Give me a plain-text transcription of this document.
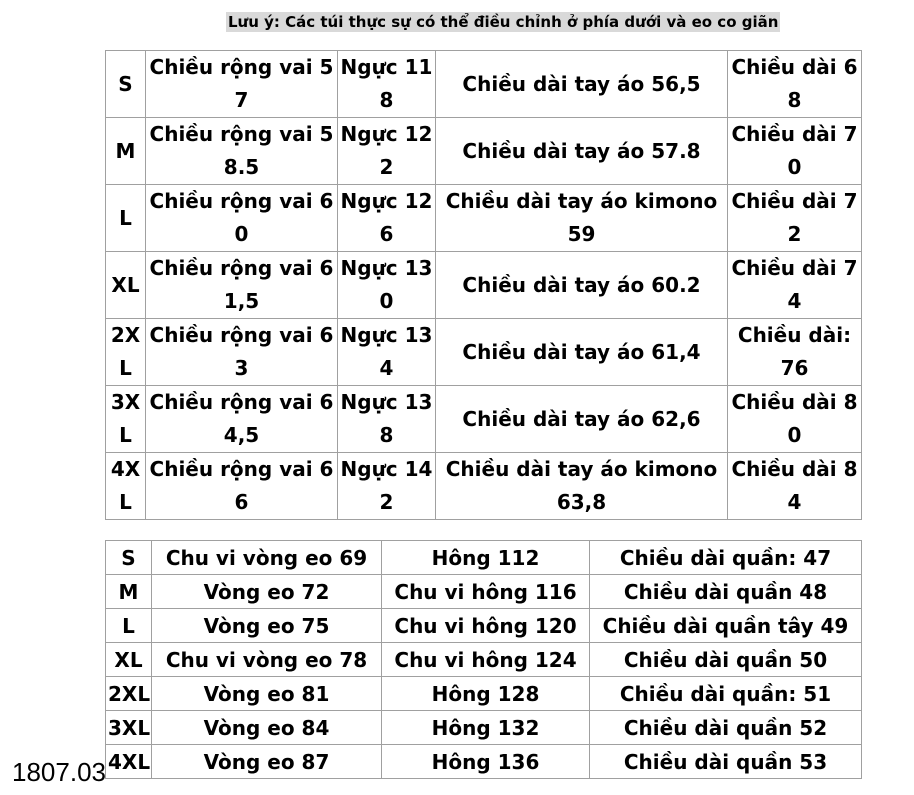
Lưu ý: Các túi thực sự có thể điều chỉnh ở phía dưới và eo co giãn
S	Chiều rộng vai 57	Ngực 118	Chiều dài tay áo 56,5	Chiều dài 68
M	Chiều rộng vai 58.5	Ngực 122	Chiều dài tay áo 57.8	Chiều dài 70
L	Chiều rộng vai 60	Ngực 126	Chiều dài tay áo kimono 59	Chiều dài 72
XL	Chiều rộng vai 61,5	Ngực 130	Chiều dài tay áo 60.2	Chiều dài 74
2XL	Chiều rộng vai 63	Ngực 134	Chiều dài tay áo 61,4	Chiều dài: 76
3XL	Chiều rộng vai 64,5	Ngực 138	Chiều dài tay áo 62,6	Chiều dài 80
4XL	Chiều rộng vai 66	Ngực 142	Chiều dài tay áo kimono 63,8	Chiều dài 84
S	Chu vi vòng eo 69	Hông 112	Chiều dài quần: 47
M	Vòng eo 72	Chu vi hông 116	Chiều dài quần 48
L	Vòng eo 75	Chu vi hông 120	Chiều dài quần tây 49
XL	Chu vi vòng eo 78	Chu vi hông 124	Chiều dài quần 50
2XL	Vòng eo 81	Hông 128	Chiều dài quần: 51
3XL	Vòng eo 84	Hông 132	Chiều dài quần 52
4XL	Vòng eo 87	Hông 136	Chiều dài quần 53
1807.03
